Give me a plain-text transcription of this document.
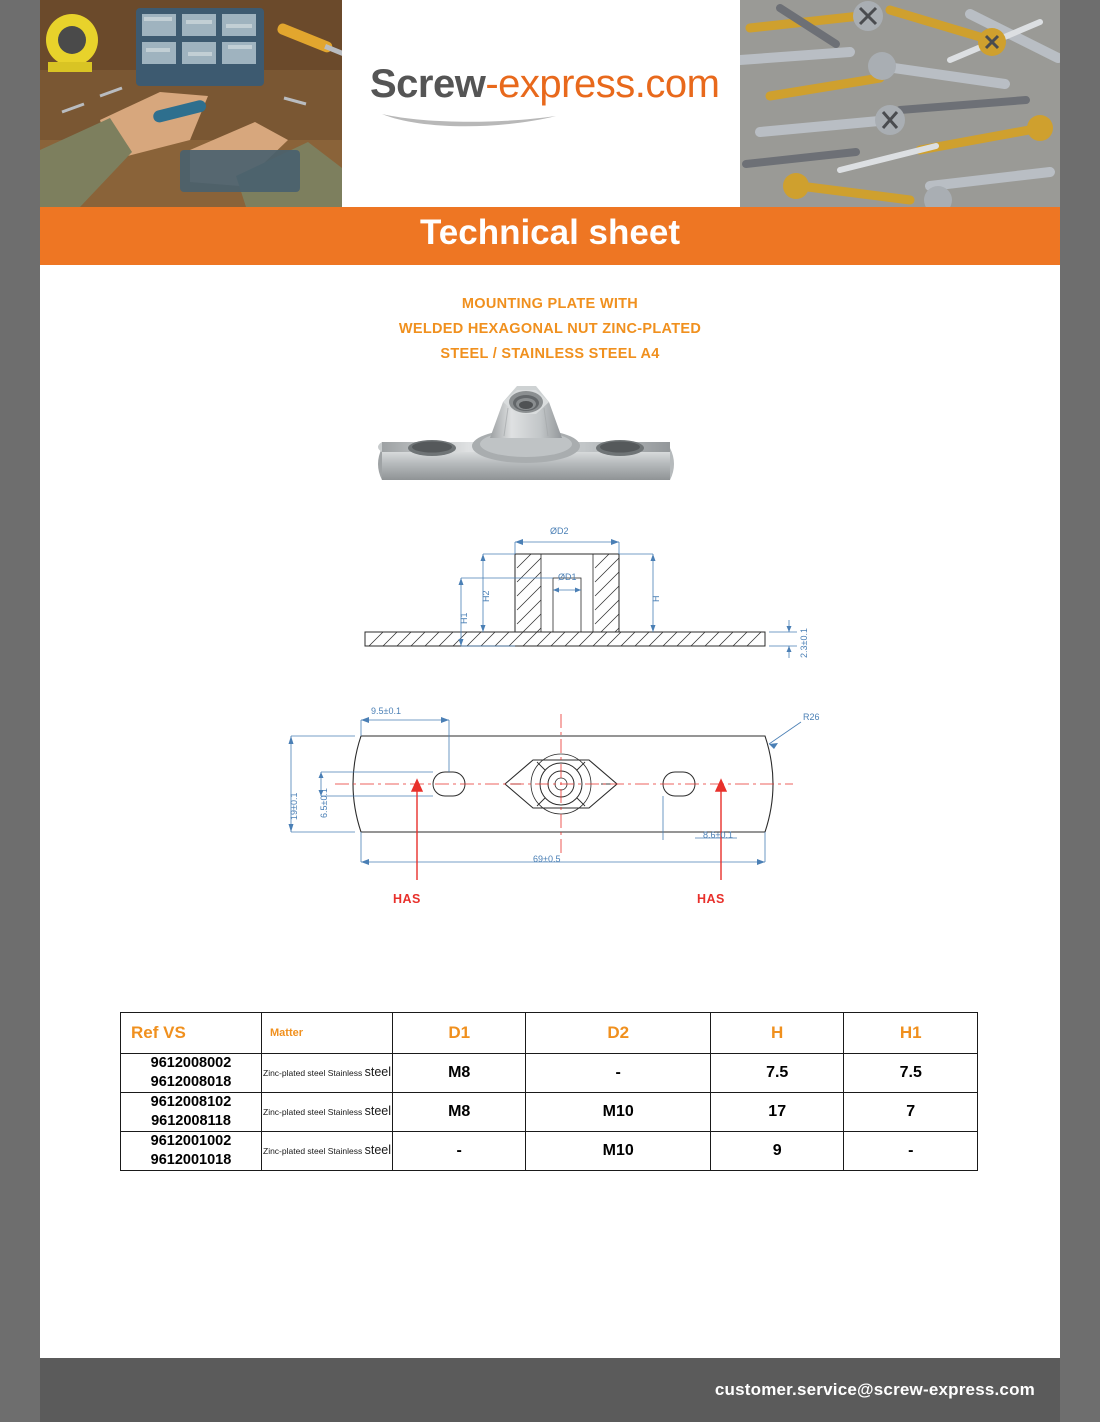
Screw-express.com
Technical sheet
MOUNTING PLATE WITH
WELDED HEXAGONAL NUT ZINC-PLATED
STEEL / STAINLESS STEEL A4
ØD2
ØD1
H2
H1
H
2.3±0.1
9.5±0.1
19±0.1 6.5±0.1
69±0.5
8.6±0.1
R26
HAS	HAS
Ref VS	Matter	D1	D2	H	H1

9612008002
9612008018	Zinc-plated steel Stainless steel	M8	-	7.5	7.5

9612008102
9612008118	Zinc-plated steel Stainless steel	M8	M10	17	7

9612001002
9612001018	Zinc-plated steel Stainless steel	-	M10	9	-
customer.service@screw-express.com
